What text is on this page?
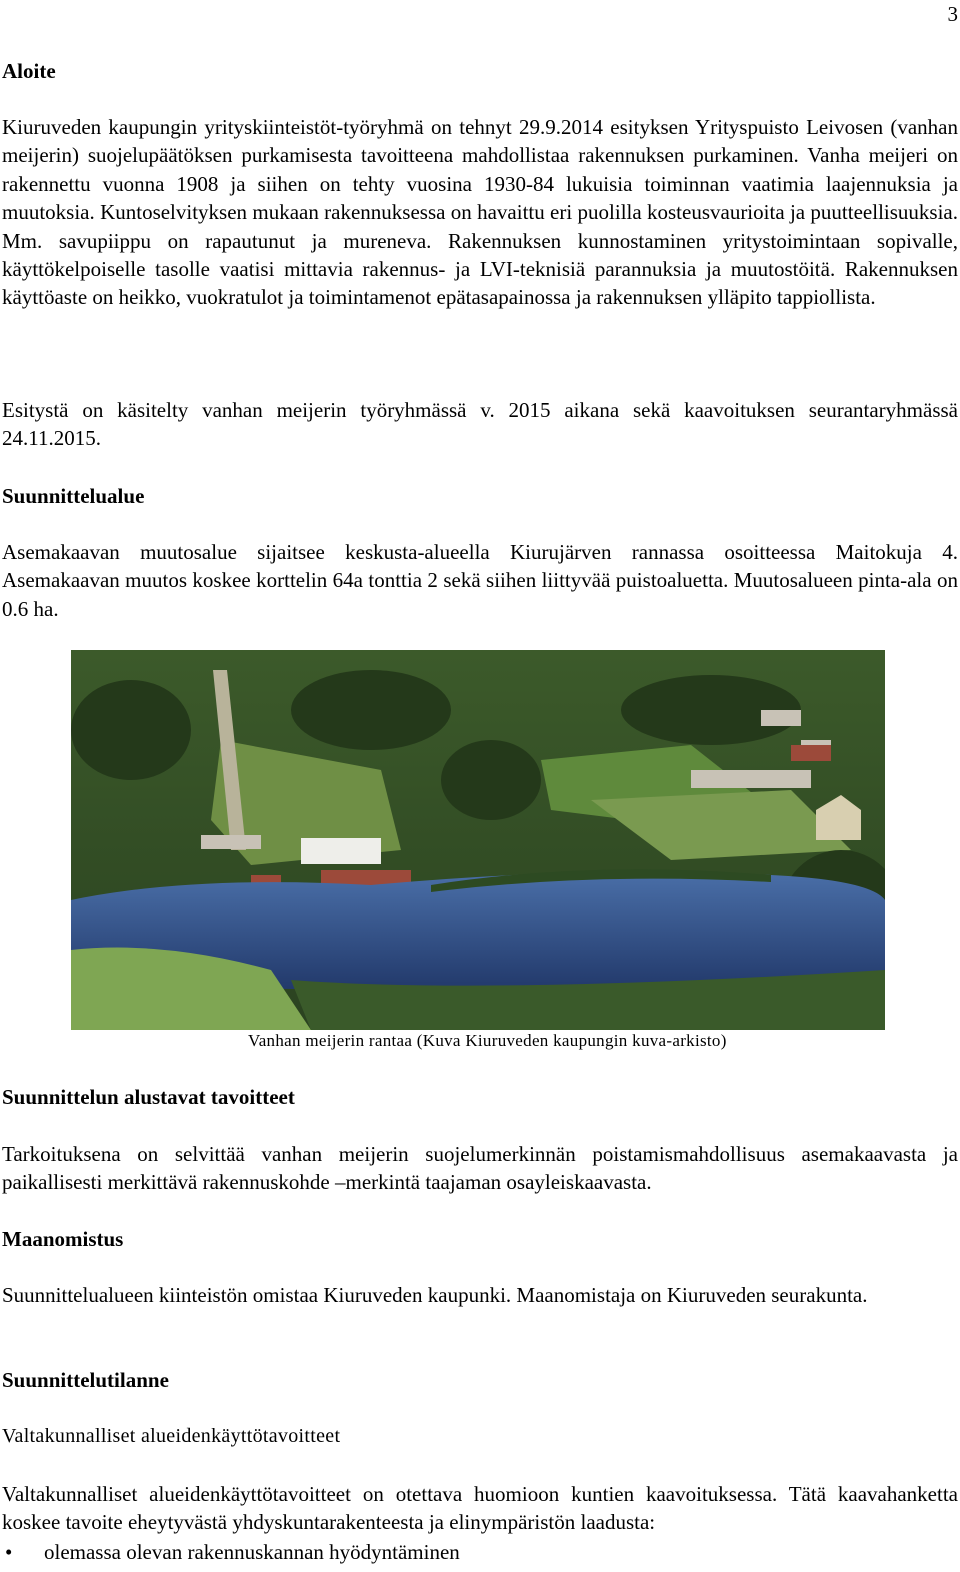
3
Aloite

Kiuruveden kaupungin yrityskiinteistöt-työryhmä on tehnyt 29.9.2014 esityksen Yrityspuisto Leivosen (vanhan meijerin) suojelupäätöksen purkamisesta tavoitteena mahdollistaa rakennuksen purkaminen. Vanha meijeri on rakennettu vuonna 1908 ja siihen on tehty vuosina 1930-84 lukuisia toiminnan vaatimia laajennuksia ja muutoksia. Kuntoselvityksen mukaan rakennuksessa on havaittu eri puolilla kosteusvaurioita ja puutteellisuuksia. Mm. savupiippu on rapautunut ja mureneva. Rakennuksen kunnostaminen yritystoimintaan sopivalle, käyttökelpoiselle tasolle vaatisi mittavia rakennus- ja LVI-teknisiä parannuksia ja muutostöitä. Rakennuksen käyttöaste on heikko, vuokratulot ja toimintamenot epätasapainossa ja rakennuksen ylläpito tappiollista.

Esitystä on käsitelty vanhan meijerin työryhmässä v. 2015 aikana sekä kaavoituksen seurantaryhmässä 24.11.2015.

Suunnittelualue

Asemakaavan muutosalue sijaitsee keskusta-alueella Kiurujärven rannassa osoitteessa Maitokuja 4. Asemakaavan muutos koskee korttelin 64a tonttia 2 sekä siihen liittyvää puistoaluetta. Muutosalueen pinta-ala on 0.6 ha.

Suunnittelun alustavat tavoitteet

Tarkoituksena on selvittää vanhan meijerin suojelumerkinnän poistamismahdollisuus asemakaavasta ja paikallisesti merkittävä rakennuskohde –merkintä taajaman osayleiskaavasta.

Maanomistus

Suunnittelualueen kiinteistön omistaa Kiuruveden kaupunki. Maanomistaja on Kiuruveden seurakunta.

Suunnittelutilanne
Valtakunnalliset alueidenkäyttötavoitteet

Valtakunnalliset alueidenkäyttötavoitteet on otettava huomioon kuntien kaavoituksessa. Tätä kaavahanketta koskee tavoite eheytyvästä yhdyskuntarakenteesta ja elinympäristön laadusta:

• olemassa olevan rakennuskannan hyödyntäminen
Vanhan meijerin rantaa (Kuva Kiuruveden kaupungin kuva-arkisto)
